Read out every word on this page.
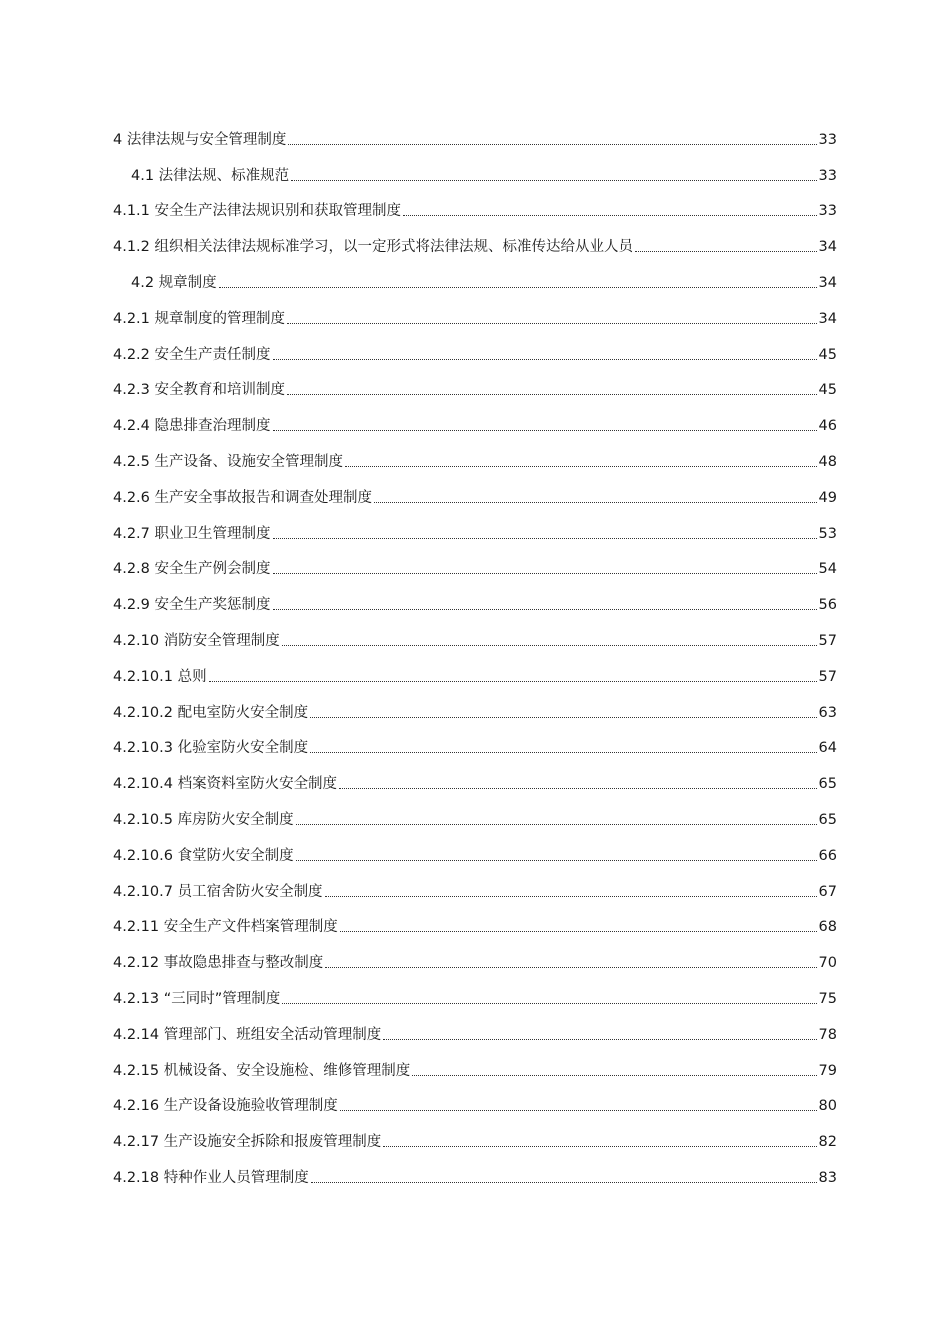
4 法律法规与安全管理制度	33
4.1 法律法规、标准规范	33
4.1.1 安全生产法律法规识别和获取管理制度	33
4.1.2 组织相关法律法规标准学习，以一定形式将法律法规、标准传达给从业人员	34
4.2 规章制度	34
4.2.1 规章制度的管理制度	34
4.2.2 安全生产责任制度	45
4.2.3 安全教育和培训制度	45
4.2.4 隐患排查治理制度	46
4.2.5 生产设备、设施安全管理制度	48
4.2.6 生产安全事故报告和调查处理制度	49
4.2.7 职业卫生管理制度	53
4.2.8 安全生产例会制度	54
4.2.9 安全生产奖惩制度	56
4.2.10 消防安全管理制度	57
4.2.10.1 总则	57
4.2.10.2 配电室防火安全制度	63
4.2.10.3 化验室防火安全制度	64
4.2.10.4 档案资料室防火安全制度	65
4.2.10.5 库房防火安全制度	65
4.2.10.6 食堂防火安全制度	66
4.2.10.7 员工宿舍防火安全制度	67
4.2.11 安全生产文件档案管理制度	68
4.2.12 事故隐患排查与整改制度	70
4.2.13 “三同时”管理制度	75
4.2.14 管理部门、班组安全活动管理制度	78
4.2.15 机械设备、安全设施检、维修管理制度	79
4.2.16 生产设备设施验收管理制度	80
4.2.17 生产设施安全拆除和报废管理制度	82
4.2.18 特种作业人员管理制度	83
